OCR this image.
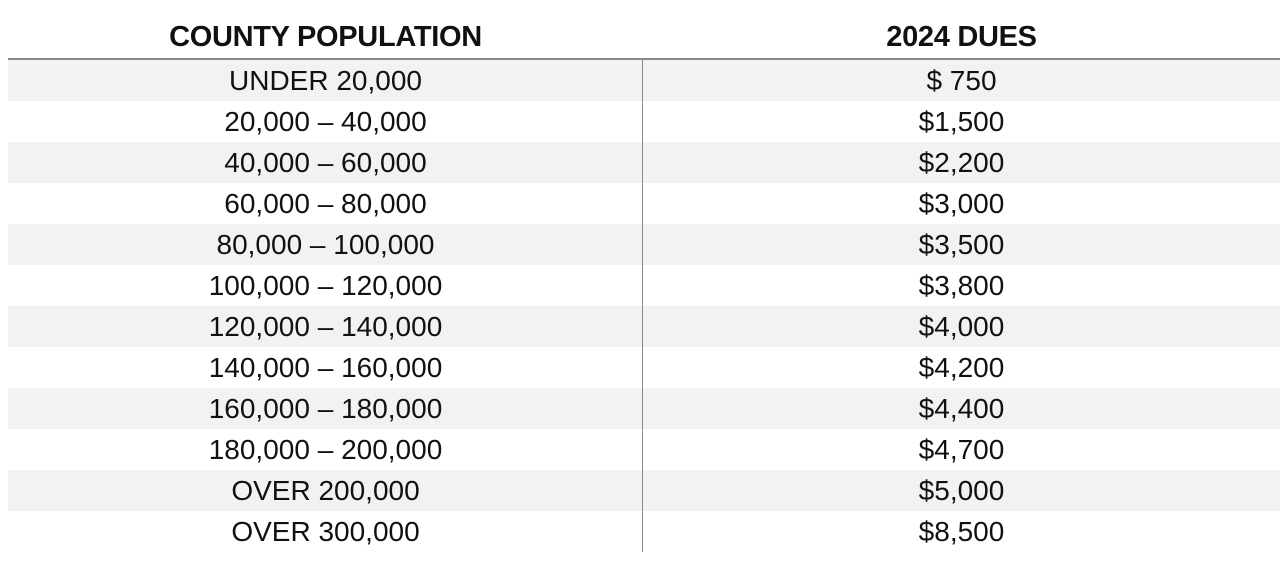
COUNTY POPULATION	2024 DUES
UNDER 20,000	$ 750
20,000 – 40,000	$1,500
40,000 – 60,000	$2,200
60,000 – 80,000	$3,000
80,000 – 100,000	$3,500
100,000 – 120,000	$3,800
120,000 – 140,000	$4,000
140,000 – 160,000	$4,200
160,000 – 180,000	$4,400
180,000 – 200,000	$4,700
OVER 200,000	$5,000
OVER 300,000	$8,500
